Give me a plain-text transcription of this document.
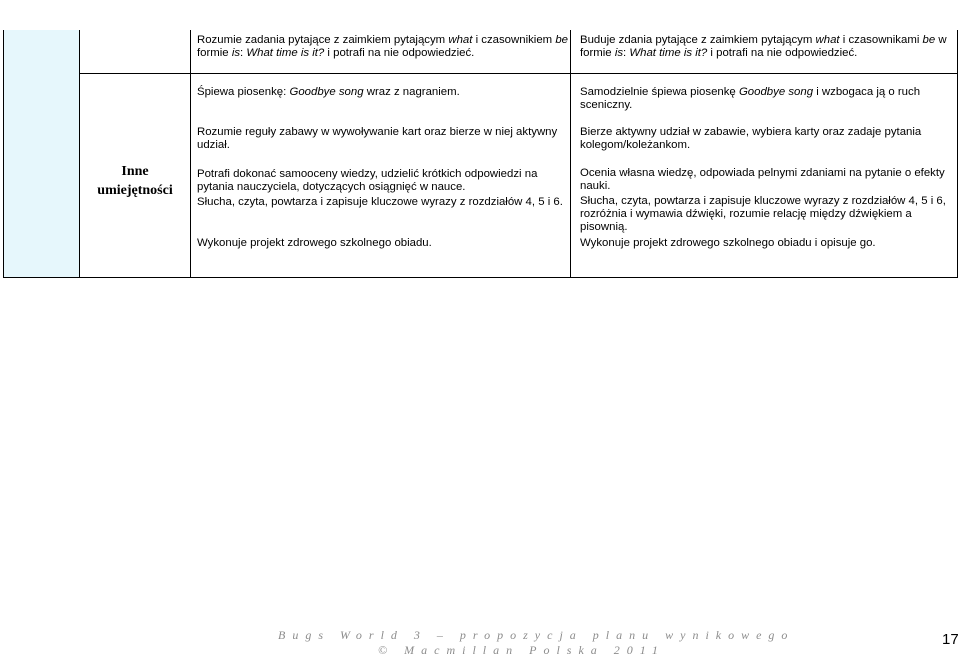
Rozumie zadania pytające z zaimkiem pytającym what i czasownikiem be
formie is: What time is it? i potrafi na nie odpowiedzieć.
Buduje zdania pytające z zaimkiem pytającym what i czasownikami be w
formie is: What time is it? i potrafi na nie odpowiedzieć.
Inne
umiejętności
Śpiewa piosenkę: Goodbye song wraz z nagraniem.
Rozumie reguły zabawy w wywoływanie kart oraz bierze w niej aktywny
udział.
Potrafi dokonać samooceny wiedzy, udzielić krótkich odpowiedzi na
pytania nauczyciela, dotyczących osiągnięć w nauce.
Słucha, czyta, powtarza i zapisuje kluczowe wyrazy z rozdziałów 4, 5 i 6.
Wykonuje projekt zdrowego szkolnego obiadu.
Samodzielnie śpiewa piosenkę Goodbye song i wzbogaca ją o ruch
sceniczny.
Bierze aktywny udział w zabawie, wybiera karty oraz zadaje pytania
kolegom/koleżankom.
Ocenia własna wiedzę, odpowiada pelnymi zdaniami na pytanie o efekty
nauki.
Słucha, czyta, powtarza i zapisuje kluczowe wyrazy z rozdziałów 4, 5 i 6,
rozróżnia i wymawia dźwięki, rozumie relację między dźwiękiem a
pisownią.
Wykonuje projekt zdrowego szkolnego obiadu i opisuje go.
Bugs World 3 – propozycja planu wynikowego
© Macmillan Polska 2011
17
